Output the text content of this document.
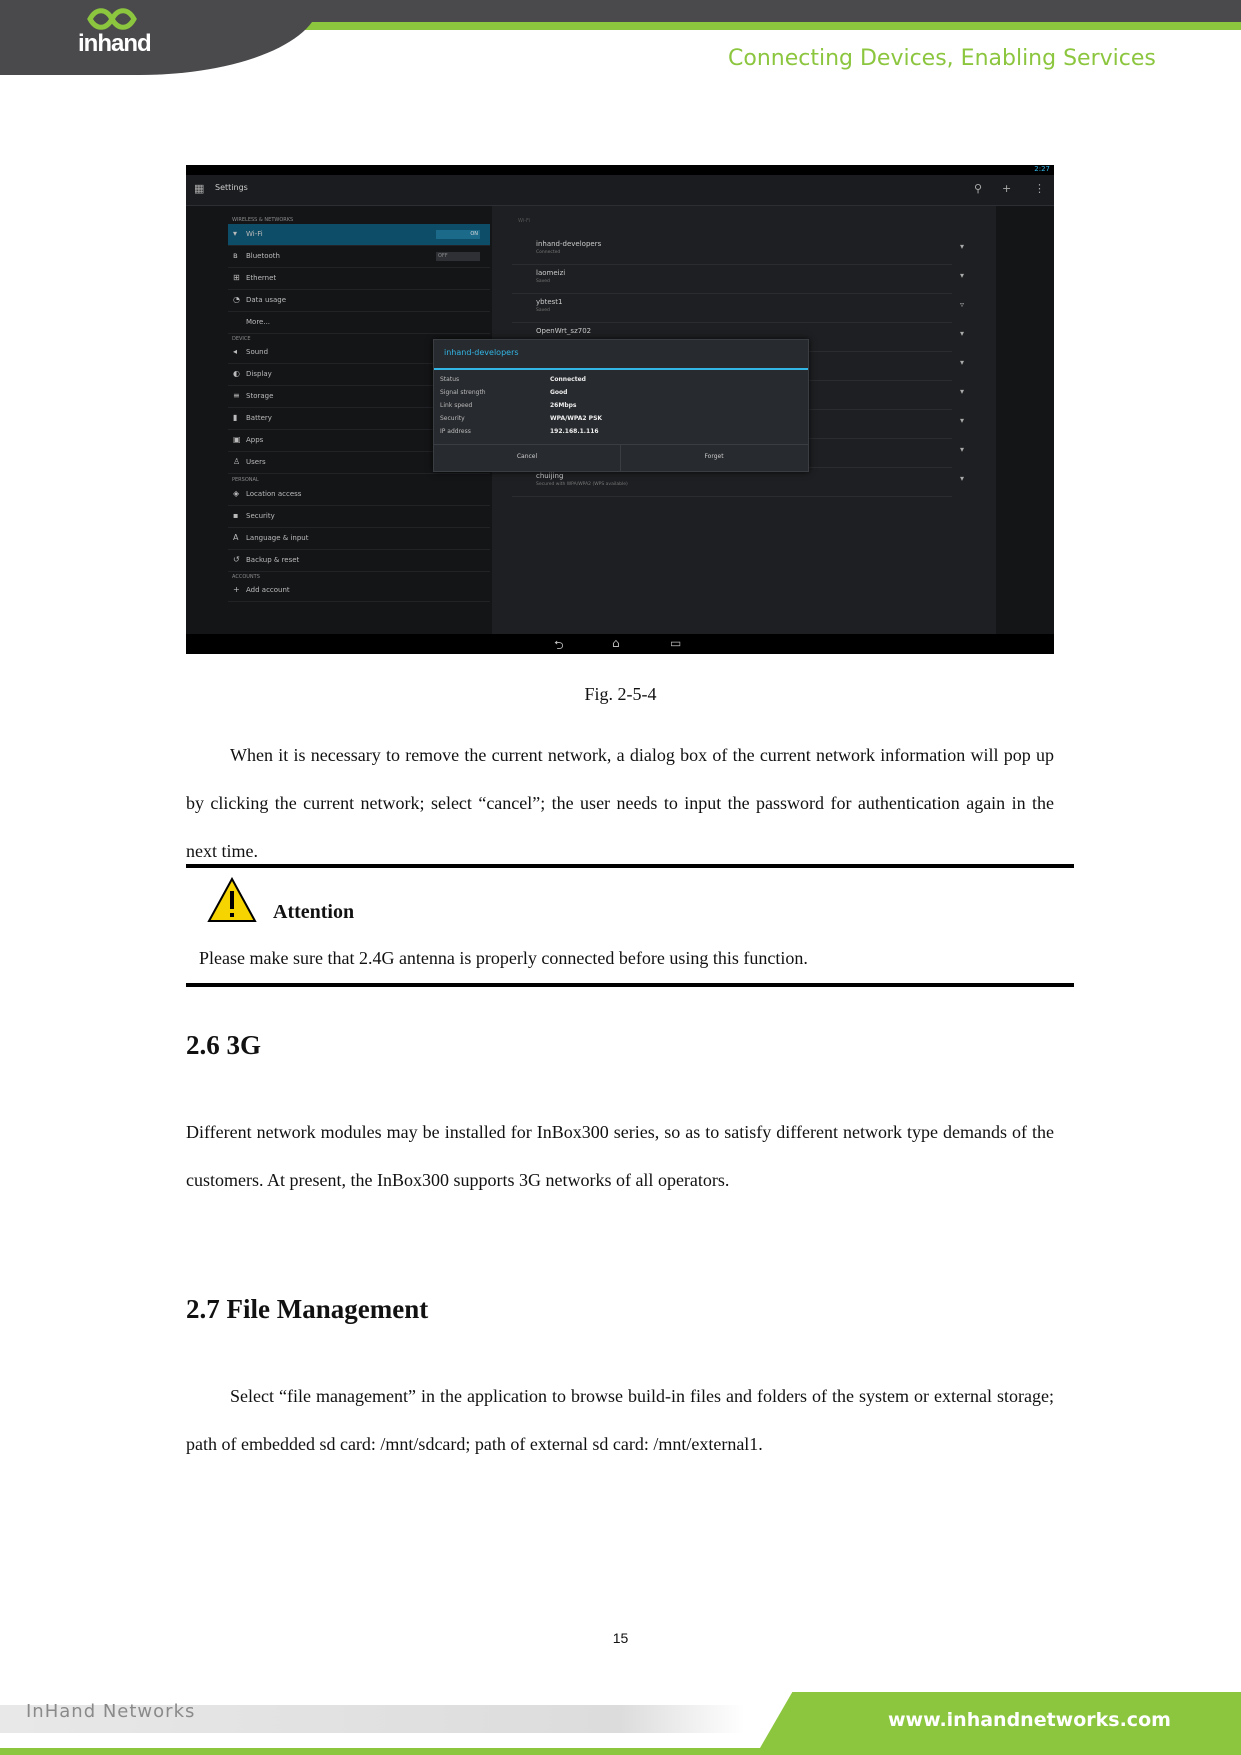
inhand
Connecting Devices, Enabling Services
2:27
▦ Settings	⚲ + ⋮
WIRELESS & NETWORKS
▾ Wi-Fi	ON
ʙ Bluetooth	OFF
⊞ Ethernet
◔ Data usage
More...
DEVICE
◂ Sound
◐ Display
≡ Storage
▮ Battery
▣ Apps
♙ Users
PERSONAL
◈ Location access
▪ Security
A Language & input
↺ Backup & reset
ACCOUNTS
+ Add account
Wi-Fi
inhand-developers
Connected
▾
laomeizi
Saved
▾
ybtest1
Saved
▿
OpenWrt_sz702	▾
▾
▾
▾
▾
chuijing
Secured with WPA/WPA2 (WPS available)
▾
inhand-developers
Status	Connected
Signal strength	Good
Link speed	26Mbps
Security	WPA/WPA2 PSK
IP address	192.168.1.116
Cancel	Forget
⮌	⌂	▭
Fig. 2-5-4
When it is necessary to remove the current network, a dialog box of the current network information will pop up by clicking the current network; select “cancel”; the user needs to input the password for authentication again in the next time.
Attention
Please make sure that 2.4G antenna is properly connected before using this function.
2.6 3G
Different network modules may be installed for InBox300 series, so as to satisfy different network type demands of the customers. At present, the InBox300 supports 3G networks of all operators.
2.7 File Management
Select “file management” in the application to browse build-in files and folders of the system or external storage; path of embedded sd card: /mnt/sdcard; path of external sd card: /mnt/external1.
15
InHand Networks	www.inhandnetworks.com
